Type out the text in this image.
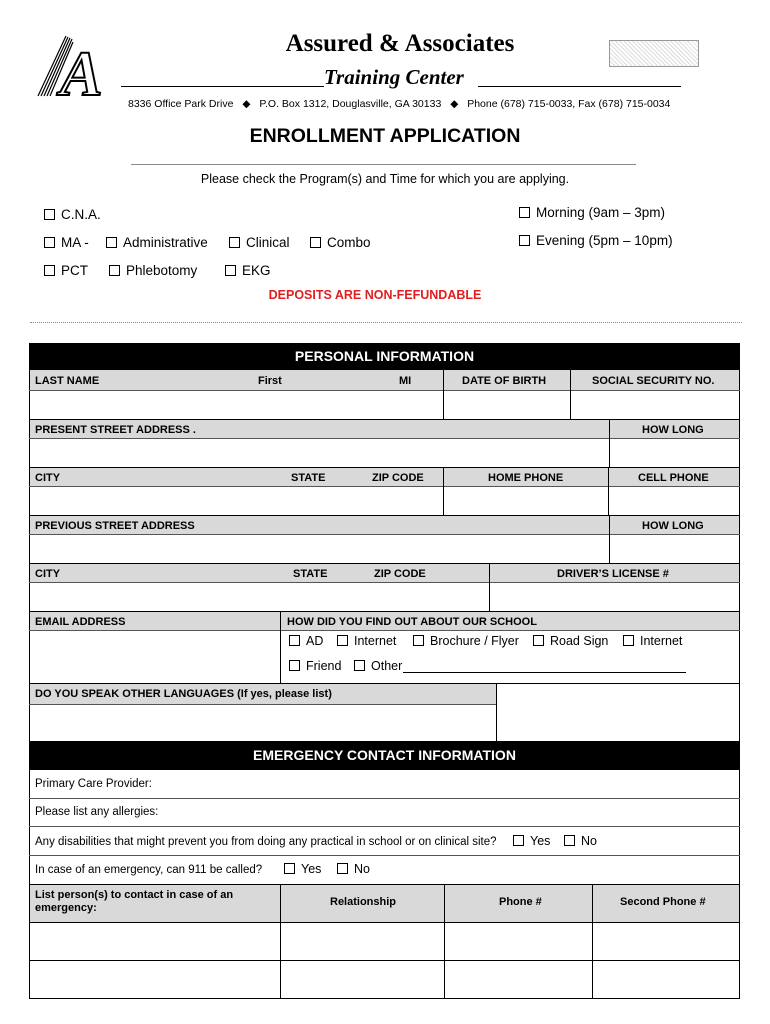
A	Assured & Associates
Training Center
8336 Office Park Drive ◆ P.O. Box 1312, Douglasville, GA 30133 ◆ Phone (678) 715-0033, Fax (678) 715-0034
ENROLLMENT APPLICATION
Please check the Program(s) and Time for which you are applying.
C.N.A.	Morning (9am – 3pm)
MA -	Administrative	Clinical	Combo	Evening (5pm – 10pm)
PCT	Phlebotomy	EKG
DEPOSITS ARE NON-FEFUNDABLE
PERSONAL INFORMATION
LAST NAME	First	MI	DATE OF BIRTH	SOCIAL SECURITY NO.
PRESENT STREET ADDRESS .	HOW LONG
CITY	STATE	ZIP CODE	HOME PHONE	CELL PHONE
PREVIOUS STREET ADDRESS	HOW LONG
CITY	STATE	ZIP CODE	DRIVER’S LICENSE #
EMAIL ADDRESS	HOW DID YOU FIND OUT ABOUT OUR SCHOOL
AD	Internet	Brochure / Flyer	Road Sign	Internet
Friend	Other
DO YOU SPEAK OTHER LANGUAGES (If yes, please list)
EMERGENCY CONTACT INFORMATION
Primary Care Provider:
Please list any allergies:
Any disabilities that might prevent you from doing any practical in school or on clinical site?	Yes	No
In case of an emergency, can 911 be called?	Yes	No
List person(s) to contact in case of an emergency:	Relationship	Phone #	Second Phone #
